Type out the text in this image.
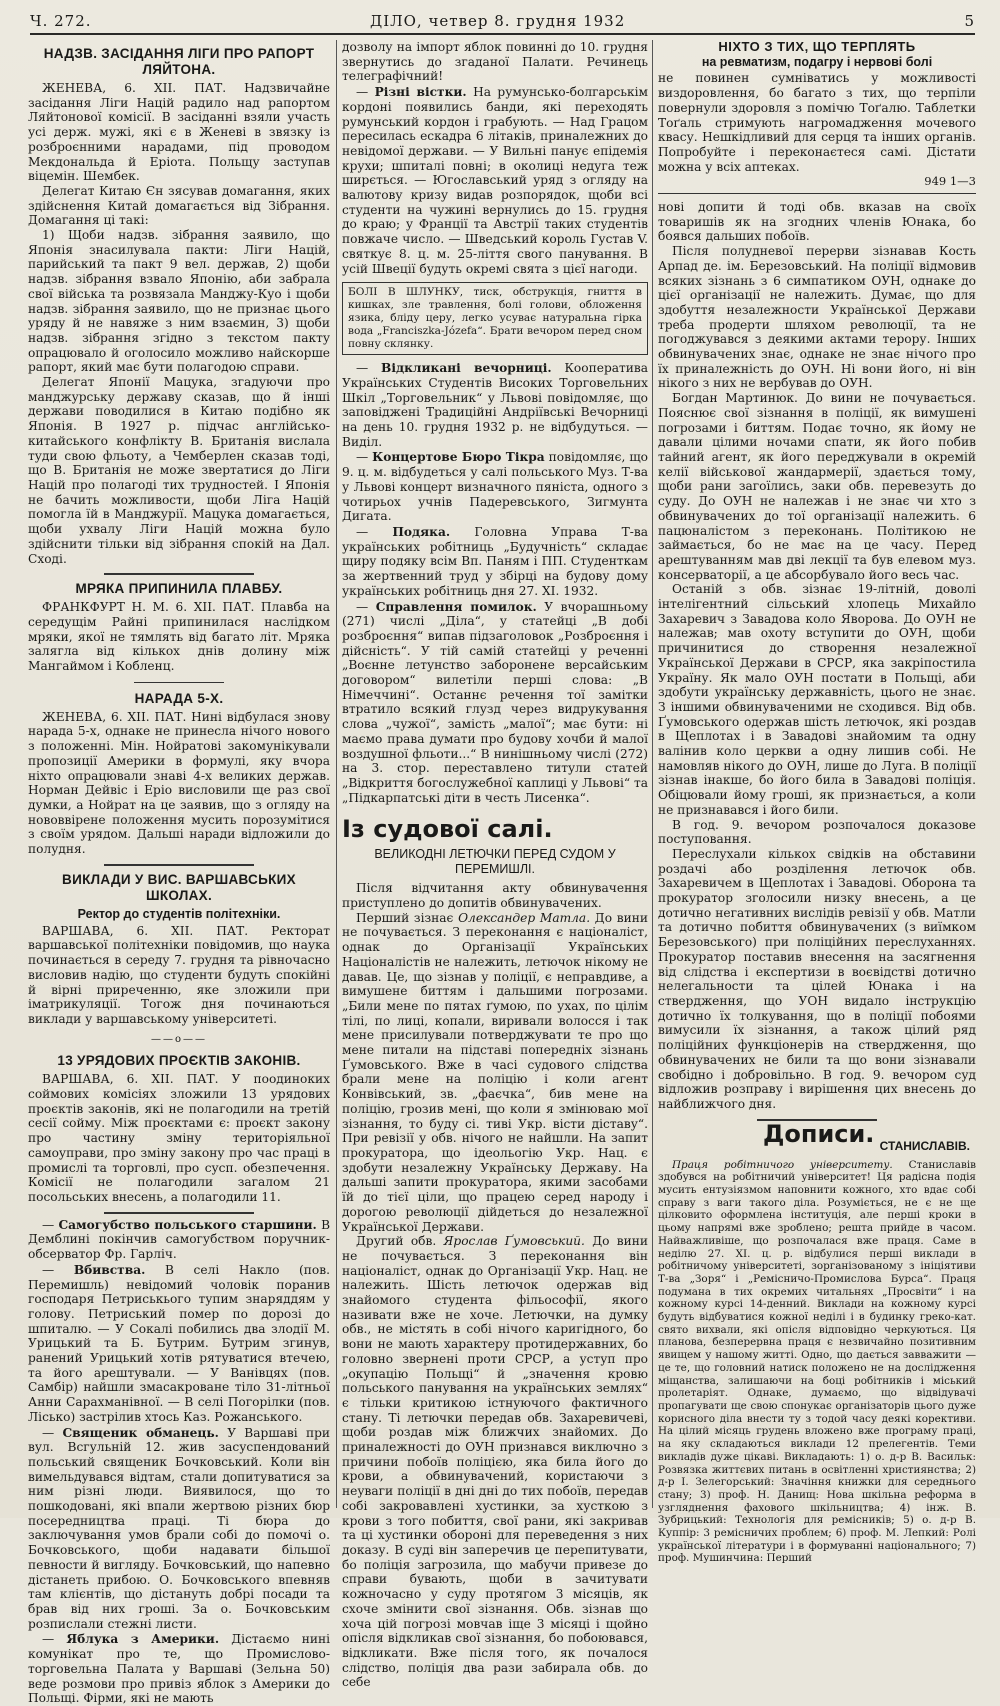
Ч. 272.	ДІЛО, четвер 8. грудня 1932	5
НАДЗВ. ЗАСІДАННЯ ЛІГИ ПРО РАПОРТ ЛЯЙТОНА.

ЖЕНЕВА, 6. XII. ПАТ. Надзвичайне засідання Ліги Націй радило над рапортом Ляйтонової комісії. В засіданні взяли участь усі держ. мужі, які є в Женеві в звязку із розброєнними нарадами, під проводом Мекдональда й Еріота. Польщу заступав віцемін. Шембек.

Делегат Китаю Єн зясував домагання, яких здійснення Китай домагається від Зібрання. Домагання ці такі:

1) Щоби надзв. зібрання заявило, що Японія знасилувала пакти: Ліги Націй, парийський та пакт 9 вел. держав, 2) щоби надзв. зібрання взвало Японію, аби забрала свої війська та розвязала Манджу-Куо і щоби надзв. зібрання заявило, що не признає цього уряду й не навяже з ним взаємин, 3) щоби надзв. зібрання згідно з текстом пакту опрацювало й оголосило можливо найскорше рапорт, який має бути полагодою справи.

Делегат Японії Мацука, згадуючи про манджурську державу сказав, що й інші держави поводилися в Китаю подібно як Японія. В 1927 р. підчас англійсько-китайського конфлікту В. Британія вислала туди свою фльоту, а Чемберлен сказав тоді, що В. Британія не може звертатися до Ліги Націй про полагоді тих трудностей. І Японія не бачить можливости, щоби Ліга Націй помогла їй в Манджурії. Мацука домагається, щоби ухвалу Ліги Націй можна було здійснити тільки від зібрання спокій на Дал. Сході.

МРЯКА ПРИПИНИЛА ПЛАВБУ.

ФРАНКФУРТ Н. М. 6. XII. ПАТ. Плавба на середущім Райні припинилася наслідком мряки, якої не тямлять від багато літ. Мряка залягла від кількох днів долину між Мангаймом і Кобленц.

НАРАДА 5-Х.

ЖЕНЕВА, 6. XII. ПАТ. Нині відбулася знову нарада 5-х, однаке не принесла нічого нового з положенні. Мін. Нойратові закомунікували пропозиції Америки в формулі, яку вчора ніхто опрацювали знаві 4-х великих держав. Норман Дейвіс і Еріо висловили ще раз свої думки, а Нойрат на це заявив, що з огляду на нововвірене положення мусить порозумітися з своїм урядом. Дальші наради відложили до полудня.

ВИКЛАДИ У ВИС. ВАРШАВСЬКИХ ШКОЛАХ.
Ректор до студентів політехніки.

ВАРШАВА, 6. XII. ПАТ. Ректорат варшавської політехніки повідомив, що наука починається в середу 7. грудня та рівночасно висловив надію, що студенти будуть спокійні й вірні приреченню, яке зложили при іматрикуляції. Тогож дня починаються виклади у варшавському університеті.

——o——
13 УРЯДОВИХ ПРОЄКТІВ ЗАКОНІВ.

ВАРШАВА, 6. XII. ПАТ. У поодиноких соймових комісіях зложили 13 урядових проєктів законів, які не полагодили на третій сесії сойму. Між проєктами є: проєкт закону про частину зміну територіяльної самоуправи, про зміну закону про час праці в промислі та торговлі, про сусп. обезпечення. Комісії не полагодили загалом 21 посольських внесень, а полагодили 11.

— Самогубство польського старшини. В Демблині покінчив самогубством поручник-обсерватор Фр. Гарліч.

— Вбивства. В селі Накло (пов. Перемишль) невідомий чоловік поранив господаря Петриськього тупим знаряддям у голову. Петриський помер по дорозі до шпиталю. — У Сокалі побились два злодії М. Урицький та Б. Бутрим. Бутрим згинув, ранений Урицький хотів рятуватися втечею, та його арештували. — У Ванівцях (пов. Самбір) найшли змасакроване тіло 31-літньої Анни Сарахманівної. — В селі Погорілки (пов. Лісько) застрілив хтось Каз. Рожанського.

— Священик обманець. У Варшаві при вул. Всгульній 12. жив засуспендований польський священик Бочковський. Коли він вимельдувався відтам, стали допитуватися за ним різні люди. Виявилося, що то пошкодовані, які впали жертвою різних бюр посередництва праці. Ті бюра до заключування умов брали собі до помочі о. Бочковського, щоби надавати більшої певности й вигляду. Бочковський, що напевно дістанеть прибою. О. Бочковського впевняв там клієнтів, що дістануть добрі посади та брав від них гроші. За о. Бочковським розпислали стежні листи.

— Яблука з Америки. Дістаємо нині комунікат про те, що Промислово-торговельна Палата у Варшаві (Зельна 50) веде розмови про привіз яблок з Америки до Польщі. Фірми, які не мають

дозволу на імпорт яблок повинні до 10. грудня звернутись до згаданої Палати. Речинець телеграфічний!

— Різні вістки. На румунсько-болгарськім кордоні появились банди, які переходять румунський кордон і грабують. — Над Грацом пересилась ескадра 6 літаків, приналежних до невідомої держави. — У Вильні панує епідемія крухи; шпиталі повні; в околиці недуга теж ширється. — Югославський уряд з огляду на валютову кризу видав розпорядок, щоби всі студенти на чужині вернулись до 15. грудня до краю; у Франції та Австрії таких студентів повжаче число. — Шведський король Густав V. святкує 8. ц. м. 25-ліття свого панування. В усій Швеції будуть окремі свята з цієї нагоди.

БОЛІ В ШЛУНКУ, тиск, обструкція, гниття в кишках, зле травлення, болі голови, обложення язика, бліду церу, легко усуває натуральна гірка вода „Franciszka-Józefa“. Брати вечором перед сном повну склянку.

— Відкликані вечорниці. Кооператива Українських Студентів Високих Торговельних Шкіл „Торговельник“ у Львові повідомляє, що заповіджені Традиційні Андріївські Вечорниці на день 10. грудня 1932 р. не відбудуться. — Виділ.

— Концертове Бюро Тікра повідомляє, що 9. ц. м. відбудеться у салі польського Муз. Т-ва у Львові концерт визначного пяніста, одного з чотирьох учнів Падеревського, Зигмунта Дигата.

— Подяка. Головна Управа Т-ва українських робітниць „Будучність“ складає щиру подяку всім Вп. Паням і ПП. Студенткам за жертвенний труд у збірці на будову дому українських робітниць дня 27. XI. 1932.

— Справлення помилок. У вчорашньому (271) числі „Діла“, у статейці „В добі розброєння“ випав підзаголовок „Розброєння і дійсність“. У тій самій статейці у реченні „Воєнне летунство заборонене версайським договором“ вилетіли перші слова: „В Німеччині“. Останнє речення тої замітки втратило всякий глузд через видрукування слова „чужої“, замість „малої“; має бути: ні маємо права думати про будову хочби й малої воздушної фльоти...“ В нинішньому числі (272) на 3. стор. переставлено титули статей „Відкриття богослужебної каплиці у Львові“ та „Підкарпатські діти в честь Лисенка“.

Із судової салі.
ВЕЛИКОДНІ ЛЕТЮЧКИ ПЕРЕД СУДОМ У ПЕРЕМИШЛІ.

Після відчитання акту обвинувачення приступлено до допитів обвинувачених.

Перший зізнає Олександер Матла. До вини не почувається. З переконання є націоналіст, однак до Організації Українських Націоналістів не належить, летючок нікому не давав. Це, що зізнав у поліції, є неправдиве, а вимушене биттям і дальшими погрозами. „Били мене по пятах ґумою, по ухах, по цілім тілі, по лиці, копали, виривали волосся і так мене присилували потверджувати те про що мене питали на підставі попередніх зізнань Ґумовського. Вже в часі судового слідства брали мене на поліцію і коли агент Конвівський, зв. „фаєчка“, бив мене на поліцію, грозив мені, що коли я змінюваю мої зізнання, то буду сі. тиві Укр. вісти діставу“. При ревізії у обв. нічого не найшли. На запит прокуратора, що ідеольогію Укр. Нац. є здобути незалежну Українську Державу. На дальші запити прокуратора, якими засобами їй до тієї ціли, що працею серед народу і дорогою революції дійдеться до незалежної Української Держави.

Другий обв. Ярослав Ґумовський. До вини не почувається. З переконання він націоналіст, однак до Організації Укр. Нац. не належить. Шість летючок одержав від знайомого студента фільософії, якого називати вже не хоче. Летючки, на думку обв., не містять в собі нічого каригідного, бо вони не мають характеру протидержавних, бо головно звернені проти СРСР, а уступ про „окупацію Польщі“ й „значення кровю польського панування на українських землях“ є тільки критикою істнуючого фактичного стану. Ті летючки передав обв. Захаревичеві, щоби роздав між ближчих знайомих. До приналежності до ОУН признався виключно з причини побоїв поліцією, яка била його до крови, а обвинувачений, користаючи з неуваги поліції в дні дні до тих побоїв, передав собі закровавлені хустинки, за хусткою з крови з того побиття, свої рани, які закривав та ці хустинки обороні для переведення з них доказу. В суді він заперечив це перепитувати, бо поліція загрозила, що мабучи привезе до справи бувають, щоби в зачитувати кожночасно у суду протягом 3 місяців, як схоче змінити свої зізнання. Обв. зізнав що хоча цій погрозі мовчав іще 3 місяці і щойно опісля відкликав свої зізнання, бо побоювався, відкликати. Вже після того, як почалося слідство, поліція два рази забирала обв. до себе

НІХТО З ТИХ, ЩО ТЕРПЛЯТЬ
на ревматизм, подагру і нервові болі

не повинен сумніватись у можливості виздоровлення, бо багато з тих, що терпіли повернули здоровля з помічю Тоґалю. Таблетки Тоґаль стримують нагромадження мочевого квасу. Нешкідливий для серця та інших органів. Попробуйте і переконаєтеся самі. Дістати можна у всіх аптеках.

949 1—3

нові допити й тоді обв. вказав на своїх товаришів як на згодних членів Юнака, бо боявся дальших побоїв.

Після полудневої перерви зізнавав Кость Арпад де. ім. Березовський. На поліції відмовив всяких зізнань з 6 симпатиком ОУН, однаке до цієї організації не належить. Думає, що для здобуття незалежности Української Держави треба продерти шляхом революції, та не погоджувався з деякими актами терору. Інших обвинувачених знає, однаке не знає нічого про їх приналежність до ОУН. Ні вони його, ні він нікого з них не вербував до ОУН.

Богдан Мартинюк. До вини не почувається. Пояснює свої зізнання в поліції, як вимушені погрозами і биттям. Подає точно, як йому не давали цілими ночами спати, як його побив тайний агент, як його переджували в окремій келії військової жандармерії, здається тому, щоби рани загоїлись, заки обв. перевезуть до суду. До ОУН не належав і не знає чи хто з обвинувачених до тої організації належить. 6 пацюналістом з переконань. Політикою не займається, бо не має на це часу. Перед арештуванням мав дві лекції та був елевом муз. консерваторії, а це абсорбувало його весь час.

Останій з обв. зізнає 19-літній, доволі інтелігентний сільський хлопець Михайло Захаревич з Завадова коло Яворова. До ОУН не належав; мав охоту вступити до ОУН, щоби причинитися до створення незалежної Української Держави в СРСР, яка закріпостила Україну. Як мало ОУН постати в Польщі, аби здобути українську державність, цього не знає. З іншими обвинуваченими не сходився. Від обв. Ґумовського одержав шість летючок, які роздав в Щеплотах і в Завадові знайомим та одну валінив коло церкви а одну лишив собі. Не намовляв нікого до ОУН, лише до Луга. В поліції зізнав інакше, бо його била в Завадові поліція. Обіцювали йому гроші, як признається, а коли не признавався і його били.

В год. 9. вечором розпочалося доказове поступовання.

Переслухали кількох свідків на обставини роздачі або розділення летючок обв. Захаревичем в Щеплотах і Завадові. Оборона та прокуратор зголосили низку внесень, а це дотично негативних вислідів ревізії у обв. Матли та дотично побиття обвинувачених (з виїмком Березовського) при поліційних переслуханнях. Прокуратор поставив внесення на засягнення від слідства і експертизи в воєвідстві дотично нелегальности та цілей Юнака і на ствердження, що УОН видало інструкцію дотично їх толкування, що в поліції побоями вимусили їх зізнання, а також цілий ряд поліційних функціонерів на ствердження, що обвинувачених не били та що вони зізнавали свобідно і добровільно. В год. 9. вечором суд відложив розправу і вирішення цих внесень до найближчого дня.

Дописи. СТАНИСЛАВІВ.

Праця робітничого університету. Станиславів здобувся на робітничий університет! Ця радісна подія мусить ентузіязмом наповнити кожного, хто вдає собі справу з ваги такого діла. Розуміється, не є не ще цілковито оформлена інституція, але перші кроки в цьому напрямі вже зроблено; решта прийде в часом. Найважливіше, що розпочалася вже праця. Саме в неділю 27. XI. ц. р. відбулися перші виклади в робітничому університеті, зорганізованому з ініціятиви Т-ва „Зоря“ і „Ремісничо-Промислова Бурса“. Праця подумана в тих окремих читальнях „Просвіти“ і на кожному курсі 14-денний. Виклади на кожному курсі будуть відбуватися кожної неділі і в будинку греко-кат. свято вихвали, які опісля відповідно черкуються. Ця планова, безперервна праця є незвичайно позитивним явищем у нашому житті. Одно, що дається завважити — це те, що головний натиск положено не на дослідження міщанства, залишаючи на боці робітників і міський пролетаріят. Однаке, думаємо, що відвідувачі пропагувати ще свою спонукає організаторів цього дуже корисного діла внести ту з тодой часу деякі корективи. На цілий місяць грудень вложено вже програму праці, на яку складаються виклади 12 прелегентів. Теми викладів дуже цікаві. Викладають: 1) о. д-р В. Васильк: Розвязка життєвих питань в освітленні християнства; 2) д-р І. Зелегорський: Значіння книжки для середнього стану; 3) проф. Н. Данищ: Нова шкільна реформа в узгляднення фахового шкільництва; 4) інж. В. Зубрицький: Технологія для ремісників; 5) о. д-р В. Куппір: 3 ремісничих проблем; 6) проф. М. Лепкий: Ролі української літератури і в формуванні національного; 7) проф. Мушинчина: Перший
